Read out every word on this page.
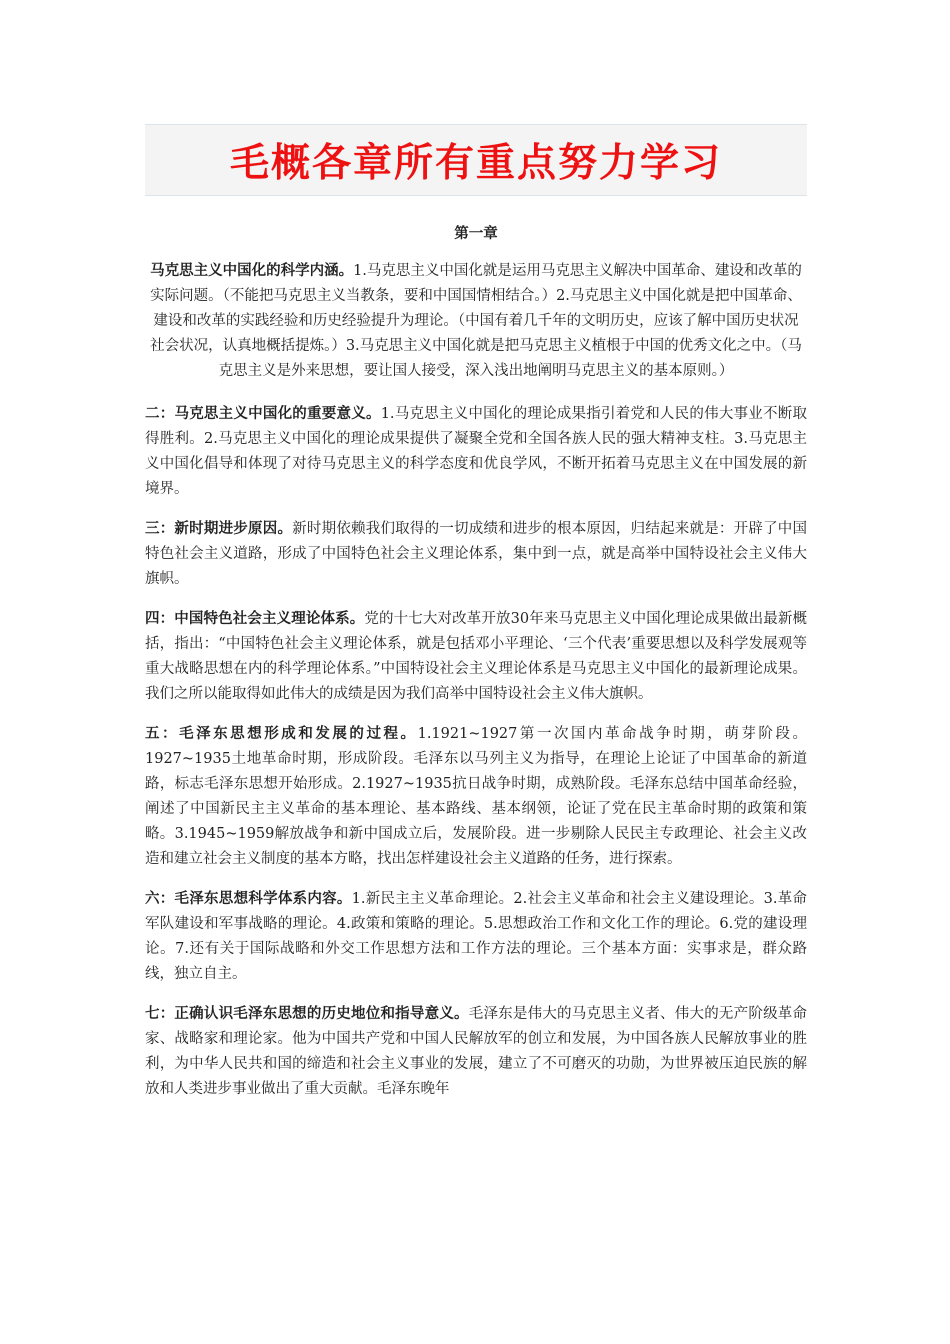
毛概各章所有重点努力学习
第一章

马克思主义中国化的科学内涵。1.马克思主义中国化就是运用马克思主义解决中国革命、建设和改革的实际问题。（不能把马克思主义当教条，要和中国国情相结合。）2.马克思主义中国化就是把中国革命、建设和改革的实践经验和历史经验提升为理论。（中国有着几千年的文明历史，应该了解中国历史状况社会状况，认真地概括提炼。）3.马克思主义中国化就是把马克思主义植根于中国的优秀文化之中。（马克思主义是外来思想，要让国人接受，深入浅出地阐明马克思主义的基本原则。）

二：马克思主义中国化的重要意义。1.马克思主义中国化的理论成果指引着党和人民的伟大事业不断取得胜利。2.马克思主义中国化的理论成果提供了凝聚全党和全国各族人民的强大精神支柱。3.马克思主义中国化倡导和体现了对待马克思主义的科学态度和优良学风，不断开拓着马克思主义在中国发展的新境界。

三：新时期进步原因。新时期依赖我们取得的一切成绩和进步的根本原因，归结起来就是：开辟了中国特色社会主义道路，形成了中国特色社会主义理论体系，集中到一点，就是高举中国特设社会主义伟大旗帜。

四：中国特色社会主义理论体系。党的十七大对改革开放30年来马克思主义中国化理论成果做出最新概括，指出：“中国特色社会主义理论体系，就是包括邓小平理论、‘三个代表’重要思想以及科学发展观等重大战略思想在内的科学理论体系。”中国特设社会主义理论体系是马克思主义中国化的最新理论成果。我们之所以能取得如此伟大的成绩是因为我们高举中国特设社会主义伟大旗帜。

五：毛泽东思想形成和发展的过程。1.1921~1927第一次国内革命战争时期，萌芽阶段。1927~1935土地革命时期，形成阶段。毛泽东以马列主义为指导，在理论上论证了中国革命的新道路，标志毛泽东思想开始形成。2.1927~1935抗日战争时期，成熟阶段。毛泽东总结中国革命经验，阐述了中国新民主主义革命的基本理论、基本路线、基本纲领，论证了党在民主革命时期的政策和策略。3.1945~1959解放战争和新中国成立后，发展阶段。进一步剔除人民民主专政理论、社会主义改造和建立社会主义制度的基本方略，找出怎样建设社会主义道路的任务，进行探索。

六：毛泽东思想科学体系内容。1.新民主主义革命理论。2.社会主义革命和社会主义建设理论。3.革命军队建设和军事战略的理论。4.政策和策略的理论。5.思想政治工作和文化工作的理论。6.党的建设理论。7.还有关于国际战略和外交工作思想方法和工作方法的理论。三个基本方面：实事求是，群众路线，独立自主。

七：正确认识毛泽东思想的历史地位和指导意义。毛泽东是伟大的马克思主义者、伟大的无产阶级革命家、战略家和理论家。他为中国共产党和中国人民解放军的创立和发展，为中国各族人民解放事业的胜利，为中华人民共和国的缔造和社会主义事业的发展，建立了不可磨灭的功勋，为世界被压迫民族的解放和人类进步事业做出了重大贡献。毛泽东晚年
